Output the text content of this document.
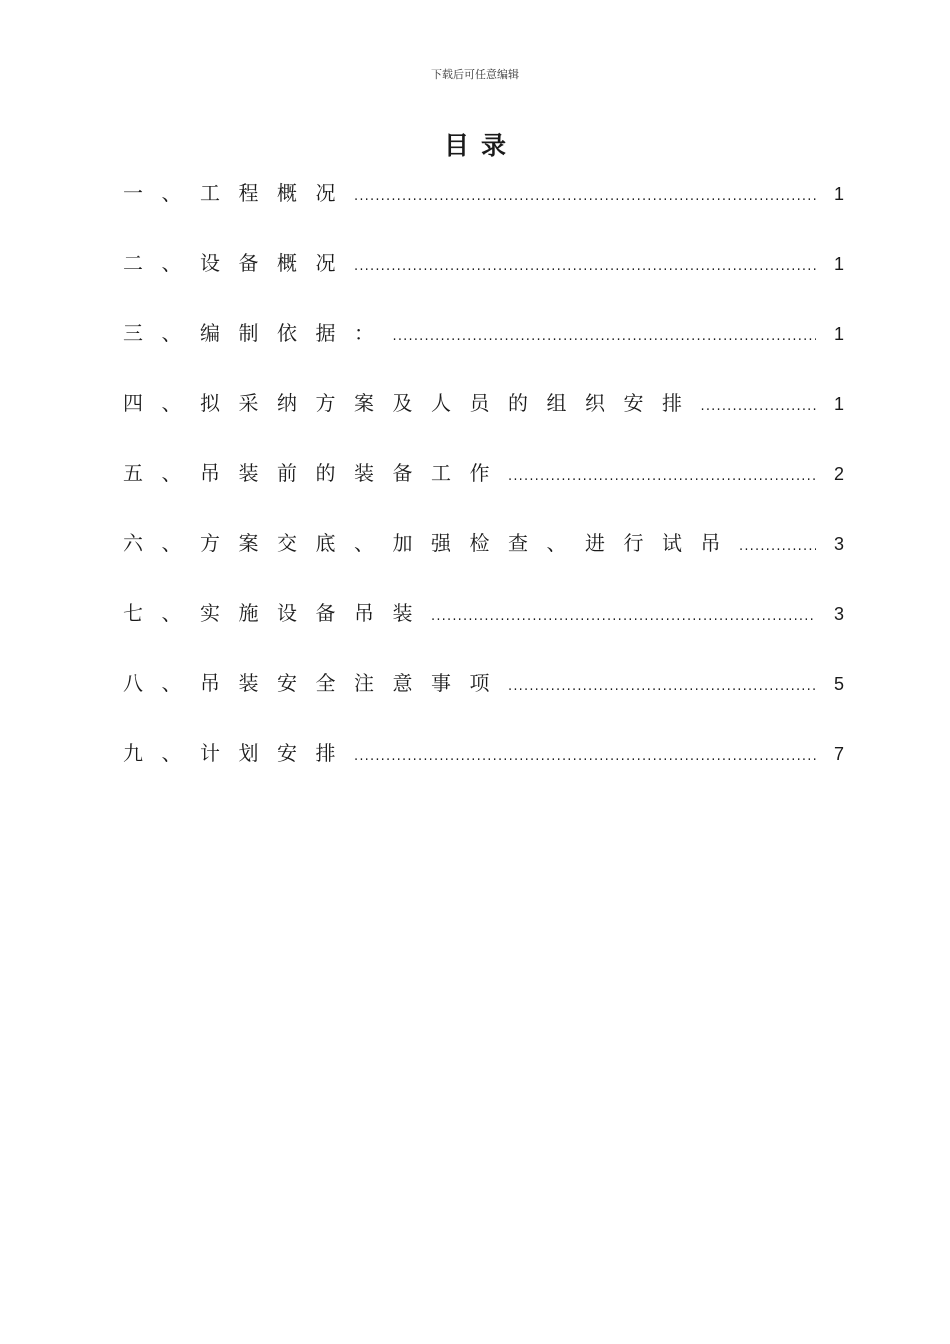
下载后可任意编辑
目录
一、工程概况 .....	1
二、设备概况 .....	1
三、编制依据： .....	1
四、拟采纳方案及人员的组织安排 .....	1
五、吊装前的装备工作 .....	2
六、方案交底、加强检查、进行试吊 .....	3
七、实施设备吊装 .....	3
八、吊装安全注意事项 .....	5
九、计划安排 .....	7
